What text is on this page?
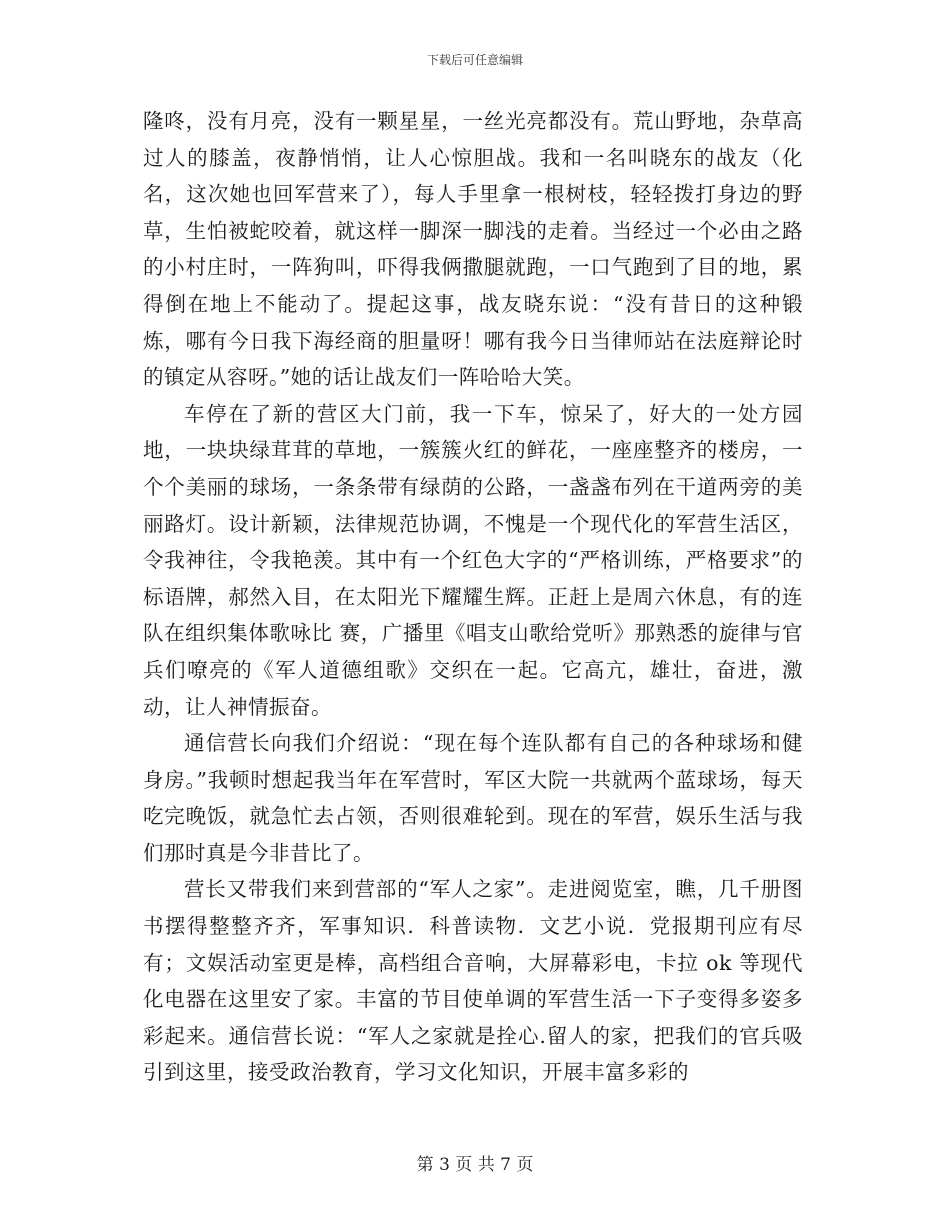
下载后可任意编辑

隆咚，没有月亮，没有一颗星星，一丝光亮都没有。荒山野地，杂草高过人的膝盖，夜静悄悄，让人心惊胆战。我和一名叫晓东的战友（化名，这次她也回军营来了），每人手里拿一根树枝，轻轻拨打身边的野草，生怕被蛇咬着，就这样一脚深一脚浅的走着。当经过一个必由之路的小村庄时，一阵狗叫，吓得我俩撒腿就跑，一口气跑到了目的地，累得倒在地上不能动了。提起这事，战友晓东说：“没有昔日的这种锻炼，哪有今日我下海经商的胆量呀！哪有我今日当律师站在法庭辩论时的镇定从容呀。”她的话让战友们一阵哈哈大笑。

车停在了新的营区大门前，我一下车，惊呆了，好大的一处方园地，一块块绿茸茸的草地，一簇簇火红的鲜花，一座座整齐的楼房，一个个美丽的球场，一条条带有绿荫的公路，一盏盏布列在干道两旁的美丽路灯。设计新颖，法律规范协调，不愧是一个现代化的军营生活区，令我神往，令我艳羡。其中有一个红色大字的“严格训练，严格要求”的标语牌，郝然入目，在太阳光下耀耀生辉。正赶上是周六休息，有的连队在组织集体歌咏比 赛，广播里《唱支山歌给党听》那熟悉的旋律与官兵们嘹亮的《军人道德组歌》交织在一起。它高亢，雄壮，奋进，激动，让人神情振奋。

通信营长向我们介绍说：“现在每个连队都有自己的各种球场和健身房。”我顿时想起我当年在军营时，军区大院一共就两个蓝球场，每天吃完晚饭，就急忙去占领，否则很难轮到。现在的军营，娱乐生活与我们那时真是今非昔比了。

营长又带我们来到营部的“军人之家”。走进阅览室，瞧，几千册图书摆得整整齐齐，军事知识．科普读物．文艺小说．党报期刊应有尽有；文娱活动室更是棒，高档组合音响，大屏幕彩电，卡拉 ok 等现代化电器在这里安了家。丰富的节目使单调的军营生活一下子变得多姿多彩起来。通信营长说：“军人之家就是拴心.留人的家，把我们的官兵吸引到这里，接受政治教育，学习文化知识，开展丰富多彩的

第 3 页 共 7 页
